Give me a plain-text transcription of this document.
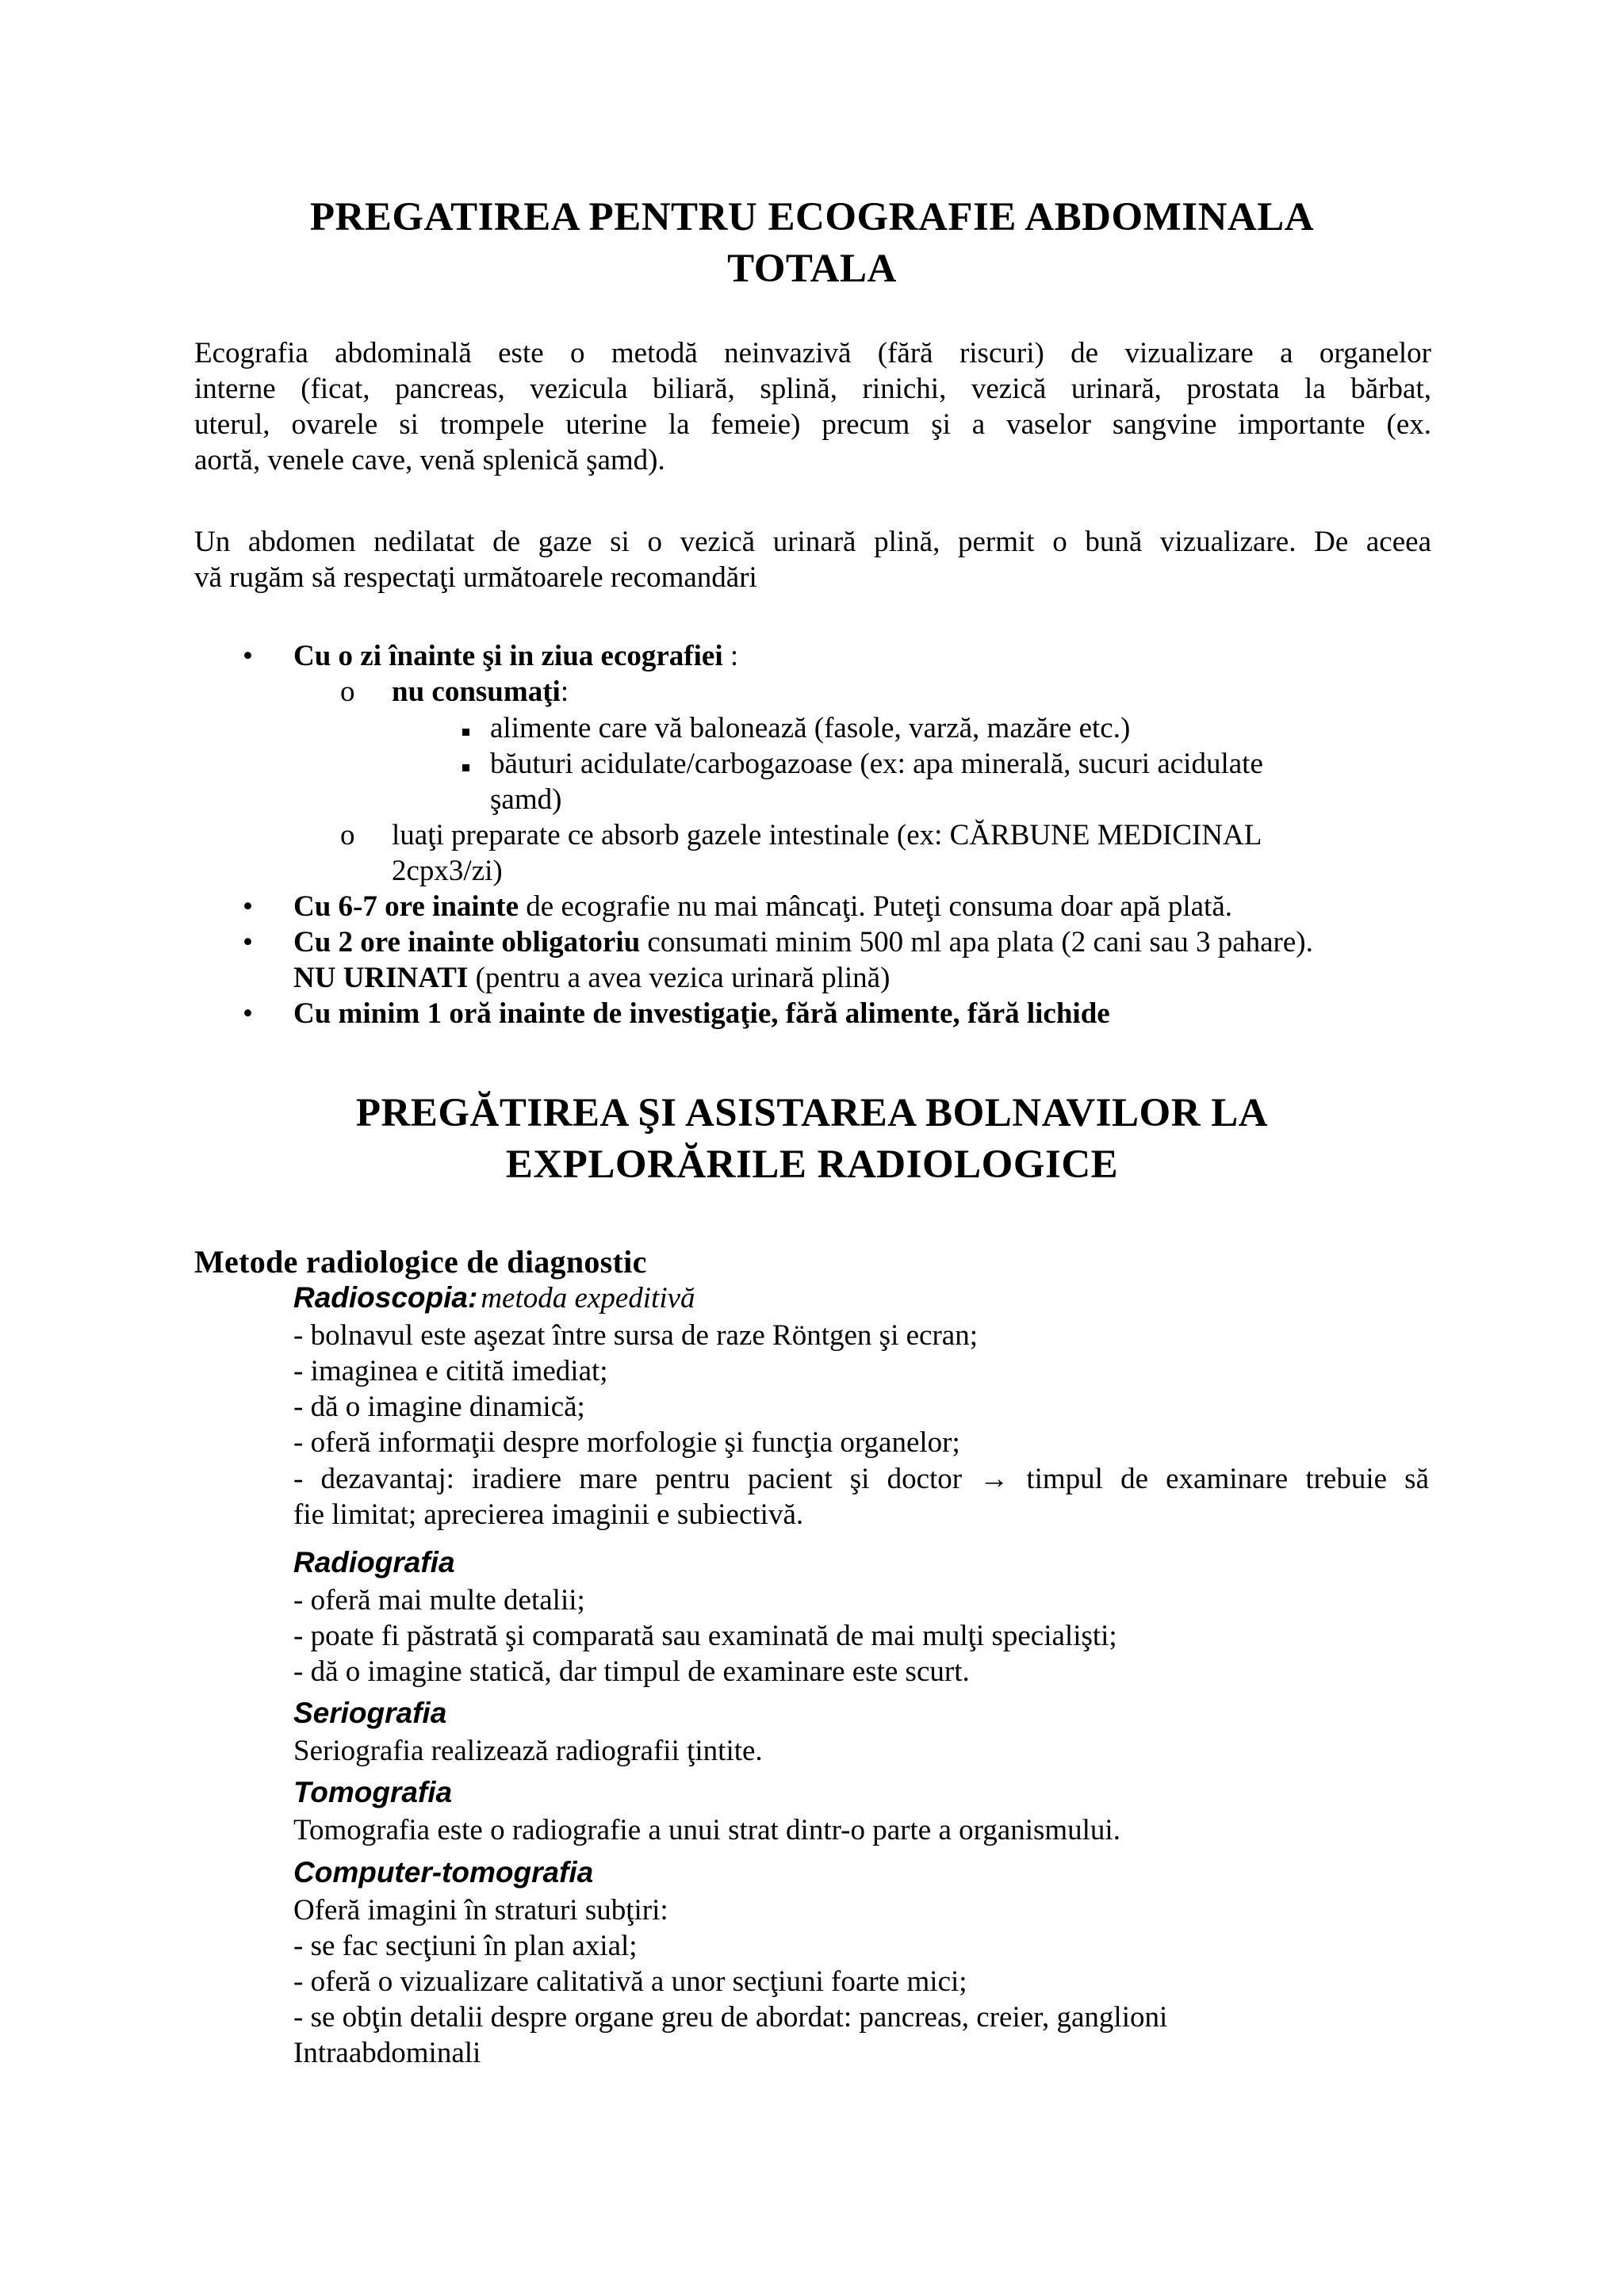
PREGATIREA PENTRU ECOGRAFIE ABDOMINALA
TOTALA
Ecografia abdominală este o metodă neinvazivă (fără riscuri) de vizualizare a organelor
interne (ficat, pancreas, vezicula biliară, splină, rinichi, vezică urinară, prostata la bărbat,
uterul, ovarele si trompele uterine la femeie) precum şi a vaselor sangvine importante (ex.
aortă, venele cave, venă splenică şamd).
Un abdomen nedilatat de gaze si o vezică urinară plină, permit o bună vizualizare. De aceea
vă rugăm să respectaţi următoarele recomandări
• Cu o zi înainte şi in ziua ecografiei :
o nu consumaţi:
alimente care vă balonează (fasole, varză, mazăre etc.)
băuturi acidulate/carbogazoase (ex: apa minerală, sucuri acidulate
şamd)
o luaţi preparate ce absorb gazele intestinale (ex: CĂRBUNE MEDICINAL
2cpx3/zi)
• Cu 6-7 ore inainte de ecografie nu mai mâncaţi. Puteţi consuma doar apă plată.
• Cu 2 ore inainte obligatoriu consumati minim 500 ml apa plata (2 cani sau 3 pahare).
NU URINATI (pentru a avea vezica urinară plină)
• Cu minim 1 oră inainte de investigaţie, fără alimente, fără lichide
PREGĂTIREA ŞI ASISTAREA BOLNAVILOR LA
EXPLORĂRILE RADIOLOGICE
Metode radiologice de diagnostic
Radioscopia: metoda expeditivă
- bolnavul este aşezat între sursa de raze Röntgen şi ecran;
- imaginea e citită imediat;
- dă o imagine dinamică;
- oferă informaţii despre morfologie şi funcţia organelor;
- dezavantaj: iradiere mare pentru pacient şi doctor → timpul de examinare trebuie să
fie limitat; aprecierea imaginii e subiectivă.
Radiografia
- oferă mai multe detalii;
- poate fi păstrată şi comparată sau examinată de mai mulţi specialişti;
- dă o imagine statică, dar timpul de examinare este scurt.
Seriografia
Seriografia realizează radiografii ţintite.
Tomografia
Tomografia este o radiografie a unui strat dintr-o parte a organismului.
Computer-tomografia
Oferă imagini în straturi subţiri:
- se fac secţiuni în plan axial;
- oferă o vizualizare calitativă a unor secţiuni foarte mici;
- se obţin detalii despre organe greu de abordat: pancreas, creier, ganglioni
Intraabdominali
